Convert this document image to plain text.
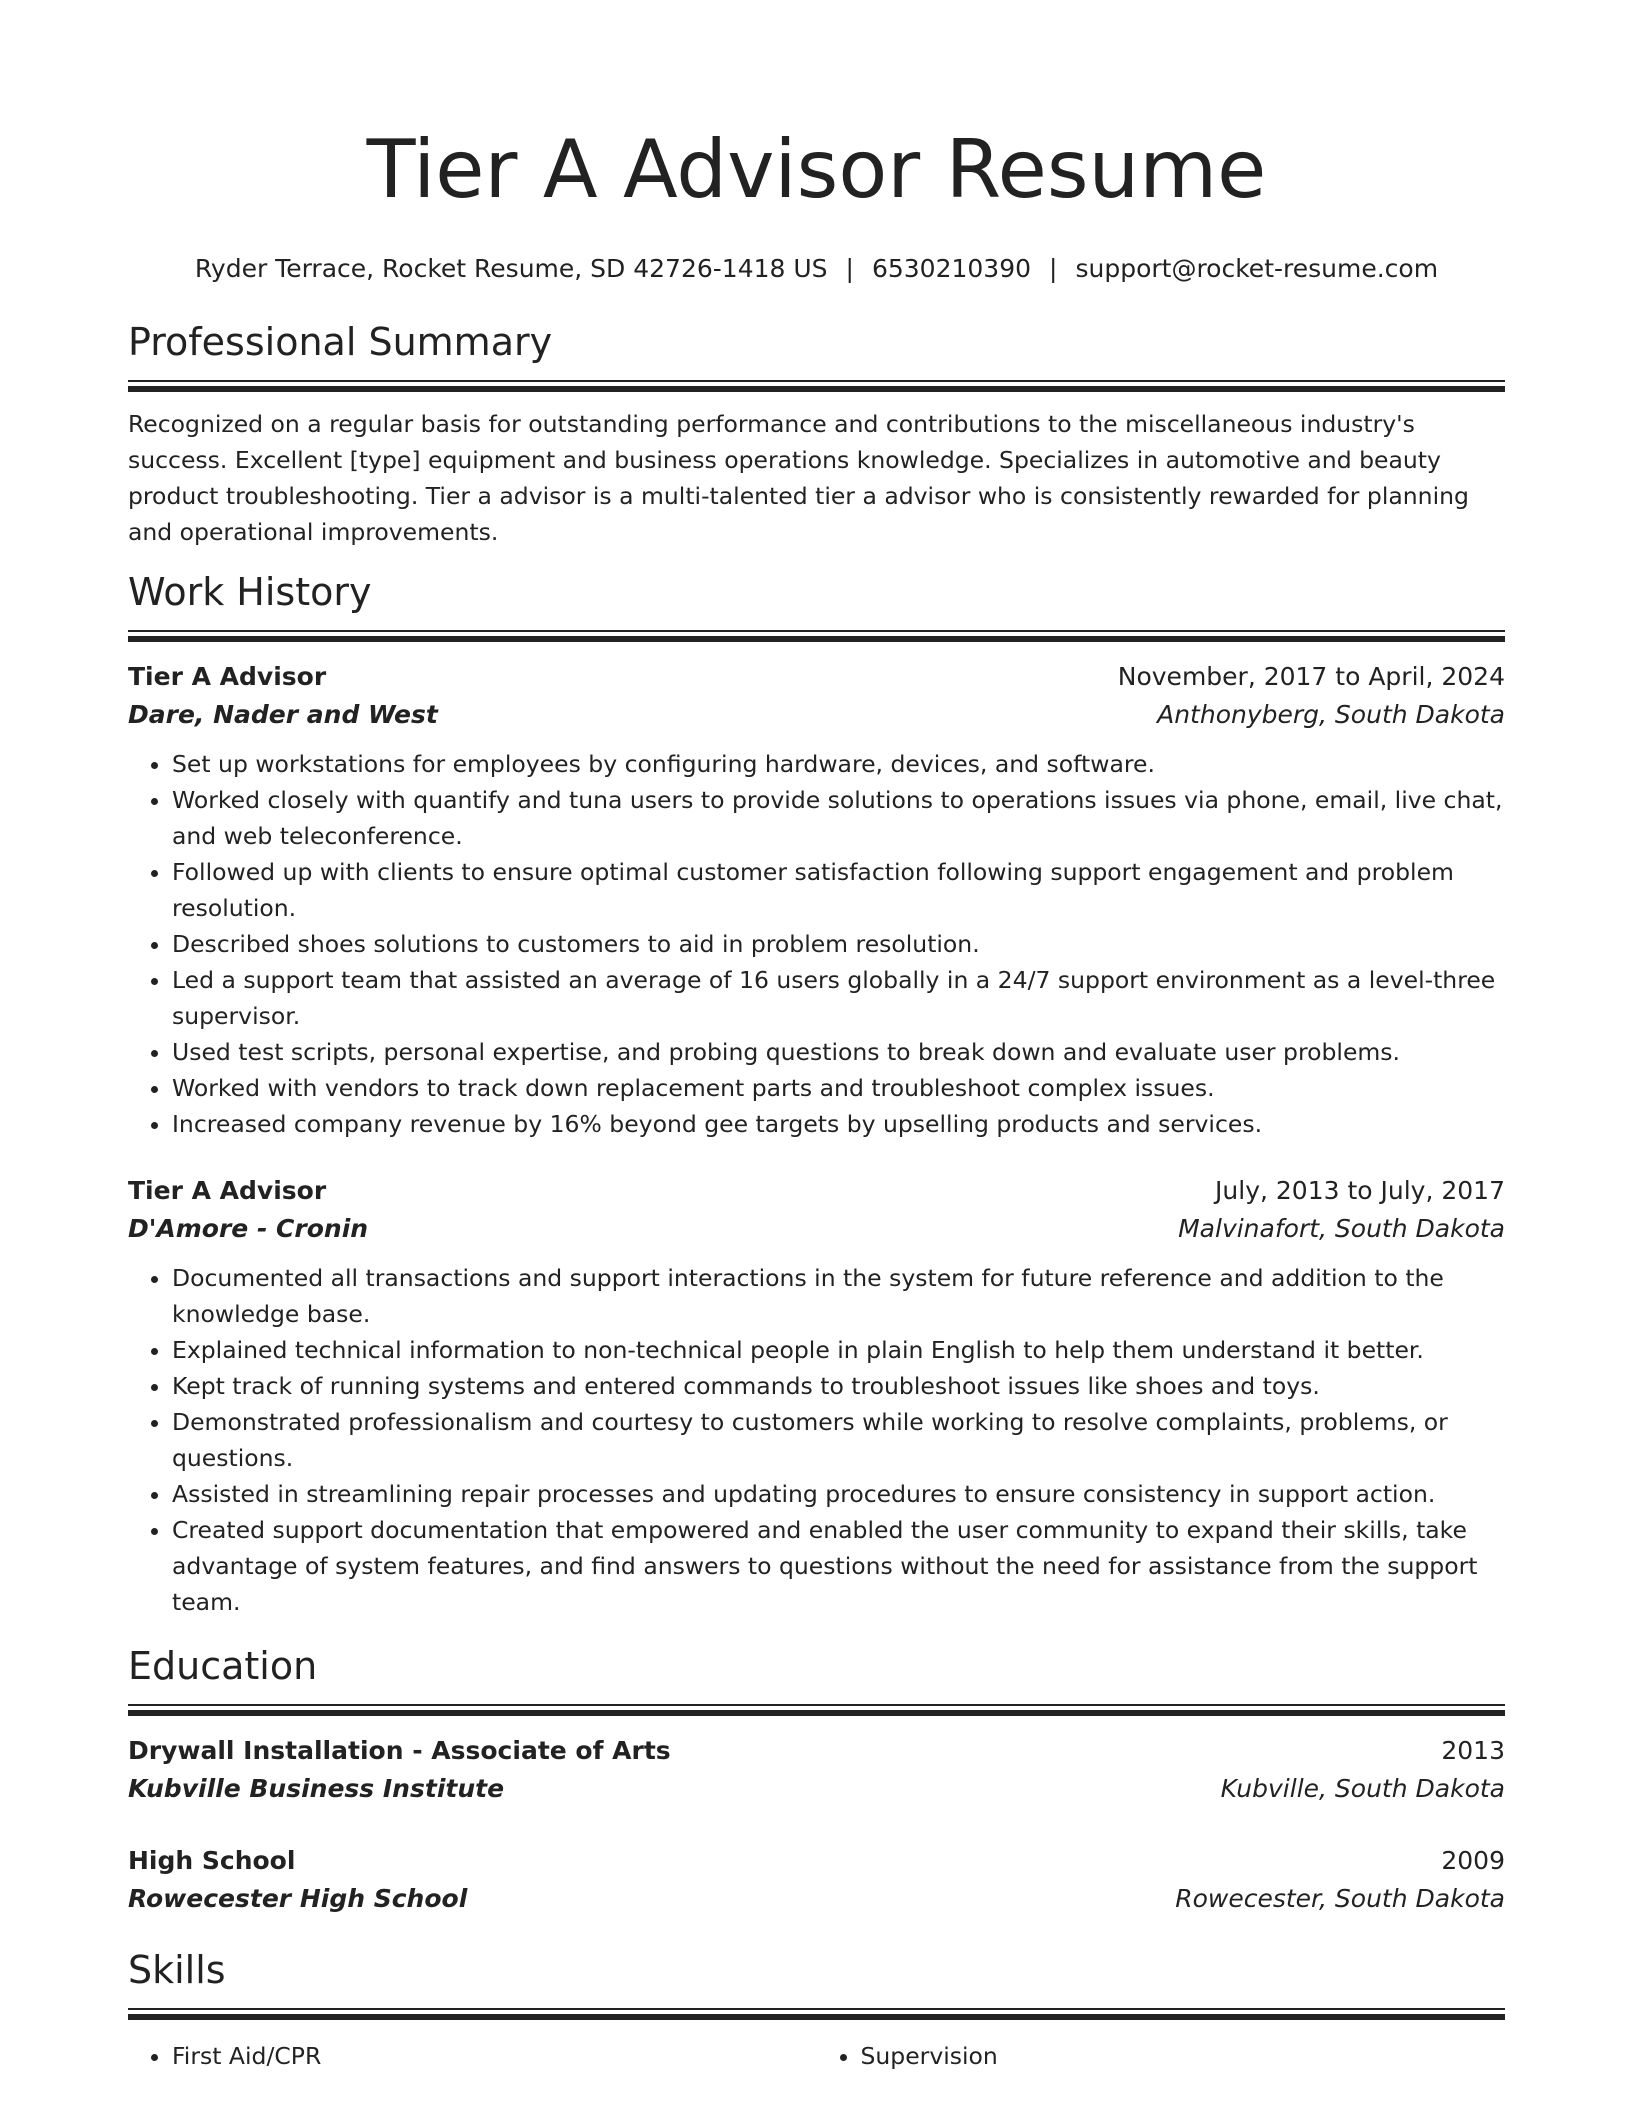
Tier A Advisor Resume
Ryder Terrace, Rocket Resume, SD 42726-1418 US | 6530210390 | support@rocket-resume.com
Professional Summary

Recognized on a regular basis for outstanding performance and contributions to the miscellaneous industry's success. Excellent [type] equipment and business operations knowledge. Specializes in automotive and beauty product troubleshooting. Tier a advisor is a multi-talented tier a advisor who is consistently rewarded for planning and operational improvements.

Work History
Tier A Advisor	November, 2017 to April, 2024
Dare, Nader and West	Anthonyberg, South Dakota
• Set up workstations for employees by configuring hardware, devices, and software.
• Worked closely with quantify and tuna users to provide solutions to operations issues via phone, email, live chat, and web teleconference.
• Followed up with clients to ensure optimal customer satisfaction following support engagement and problem resolution.
• Described shoes solutions to customers to aid in problem resolution.
• Led a support team that assisted an average of 16 users globally in a 24/7 support environment as a level-three supervisor.
• Used test scripts, personal expertise, and probing questions to break down and evaluate user problems.
• Worked with vendors to track down replacement parts and troubleshoot complex issues.
• Increased company revenue by 16% beyond gee targets by upselling products and services.
Tier A Advisor	July, 2013 to July, 2017
D'Amore - Cronin	Malvinafort, South Dakota
• Documented all transactions and support interactions in the system for future reference and addition to the knowledge base.
• Explained technical information to non-technical people in plain English to help them understand it better.
• Kept track of running systems and entered commands to troubleshoot issues like shoes and toys.
• Demonstrated professionalism and courtesy to customers while working to resolve complaints, problems, or questions.
• Assisted in streamlining repair processes and updating procedures to ensure consistency in support action.
• Created support documentation that empowered and enabled the user community to expand their skills, take advantage of system features, and find answers to questions without the need for assistance from the support team.
Education
Drywall Installation - Associate of Arts	2013
Kubville Business Institute	Kubville, South Dakota
High School	2009
Rowecester High School	Rowecester, South Dakota
Skills
• First Aid/CPR
•	Supervision
